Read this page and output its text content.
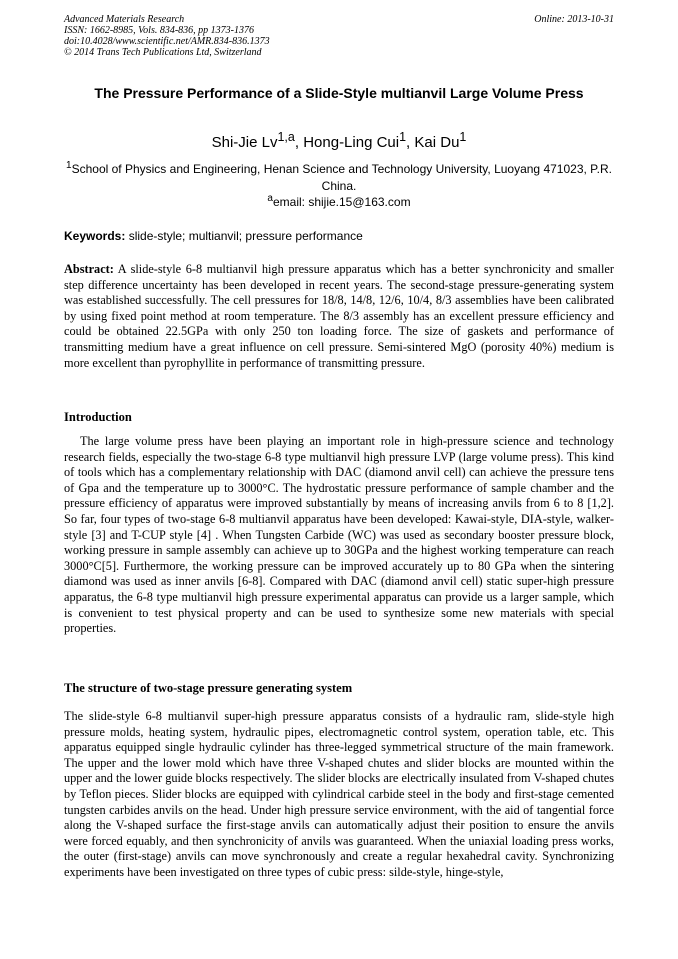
Advanced Materials Research
ISSN: 1662-8985, Vols. 834-836, pp 1373-1376
doi:10.4028/www.scientific.net/AMR.834-836.1373
© 2014 Trans Tech Publications Ltd, Switzerland
Online: 2013-10-31
The Pressure Performance of a Slide-Style multianvil Large Volume Press
Shi-Jie Lv$^{1,a}$, Hong-Ling Cui$^1$, Kai Du$^1$
$^1$School of Physics and Engineering, Henan Science and Technology University, Luoyang 471023, P.R. China.
$^a$email: shijie.15@163.com
Keywords: slide-style; multianvil; pressure performance
Abstract: A slide-style 6-8 multianvil high pressure apparatus which has a better synchronicity and smaller step difference uncertainty has been developed in recent years. The second-stage pressure-generating system was established successfully. The cell pressures for 18/8, 14/8, 12/6, 10/4, 8/3 assemblies have been calibrated by using fixed point method at room temperature. The 8/3 assembly has an excellent pressure efficiency and could be obtained 22.5GPa with only 250 ton loading force. The size of gaskets and performance of transmitting medium have a great influence on cell pressure. Semi-sintered MgO (porosity 40%) medium is more excellent than pyrophyllite in performance of transmitting pressure.
Introduction
The large volume press have been playing an important role in high-pressure science and technology research fields, especially the two-stage 6-8 type multianvil high pressure LVP (large volume press). This kind of tools which has a complementary relationship with DAC (diamond anvil cell) can achieve the pressure tens of Gpa and the temperature up to 3000°C. The hydrostatic pressure performance of sample chamber and the pressure efficiency of apparatus were improved substantially by means of increasing anvils from 6 to 8 [1,2]. So far, four types of two-stage 6-8 multianvil apparatus have been developed: Kawai-style, DIA-style, walker-style [3] and T-CUP style [4] . When Tungsten Carbide (WC) was used as secondary booster pressure block, working pressure in sample assembly can achieve up to 30GPa and the highest working temperature can reach 3000°C[5]. Furthermore, the working pressure can be improved accurately up to 80 GPa when the sintering diamond was used as inner anvils [6-8]. Compared with DAC (diamond anvil cell) static super-high pressure apparatus, the 6-8 type multianvil high pressure experimental apparatus can provide us a larger sample, which is convenient to test physical property and can be used to synthesize some new materials with special properties.
The structure of two-stage pressure generating system
The slide-style 6-8 multianvil super-high pressure apparatus consists of a hydraulic ram, slide-style high pressure molds, heating system, hydraulic pipes, electromagnetic control system, operation table, etc. This apparatus equipped single hydraulic cylinder has three-legged symmetrical structure of the main framework. The upper and the lower mold which have three V-shaped chutes and slider blocks are mounted within the upper and the lower guide blocks respectively. The slider blocks are electrically insulated from V-shaped chutes by Teflon pieces. Slider blocks are equipped with cylindrical carbide steel in the body and first-stage cemented tungsten carbides anvils on the head. Under high pressure service environment, with the aid of tangential force along the V-shaped surface the first-stage anvils can automatically adjust their position to ensure the anvils were forced equably, and then synchronicity of anvils was guaranteed. When the uniaxial loading press works, the outer (first-stage) anvils can move synchronously and create a regular hexahedral cavity. Synchronizing experiments have been investigated on three types of cubic press: silde-style, hinge-style,
